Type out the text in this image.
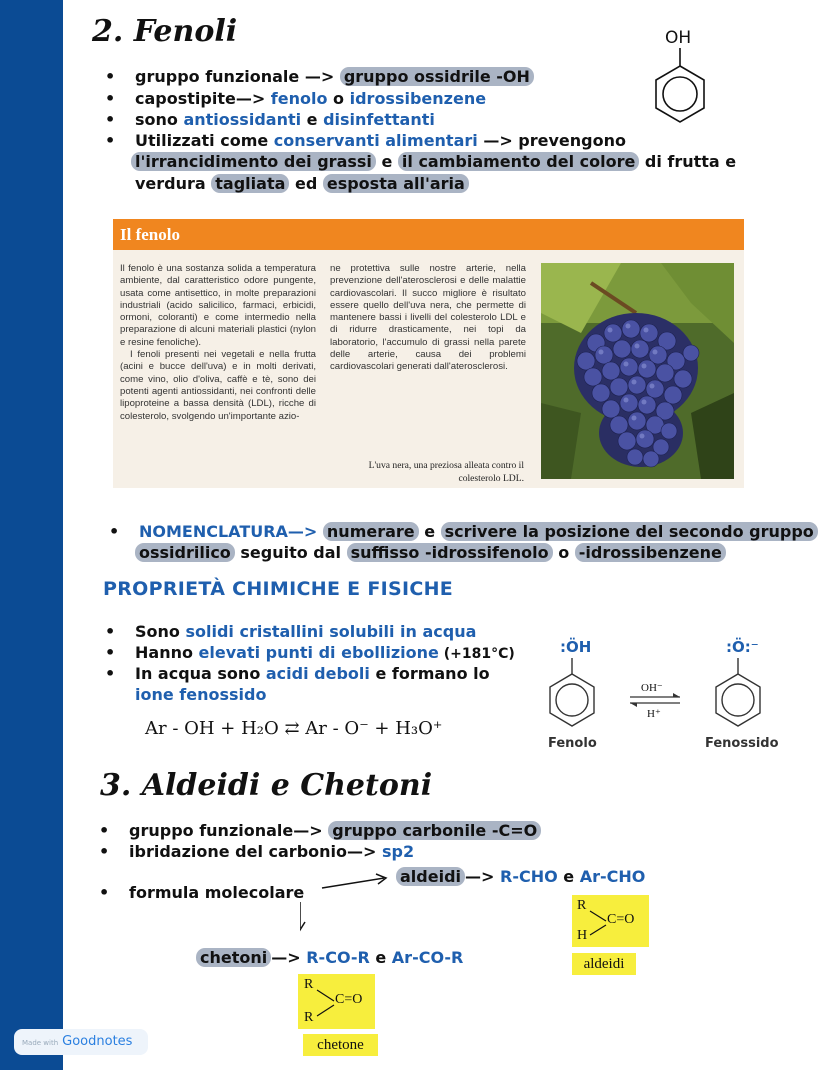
2. Fenoli	OH
• gruppo funzionale —> gruppo ossidrile -OH
• capostipite—> fenolo o idrossibenzene
• sono antiossidanti e disinfettanti
• Utilizzati come conservanti alimentari —> prevengono
l'irrancidimento dei grassi e il cambiamento del colore di frutta e
verdura tagliata ed esposta all'aria
Il fenolo
Il fenolo è una sostanza solida a temperatura ambiente, dal caratteristico odore pungente, usata come antisettico, in molte preparazioni industriali (acido salicilico, farmaci, erbicidi, ormoni, coloranti) e come intermedio nella preparazione di alcuni materiali plastici (nylon e resine fenoliche).
I fenoli presenti nei vegetali e nella frutta (acini e bucce dell'uva) e in molti derivati, come vino, olio d'oliva, caffè e tè, sono dei potenti agenti antiossidanti, nei confronti delle lipoproteine a bassa densità (LDL), ricche di colesterolo, svolgendo un'importante azio-
ne protettiva sulle nostre arterie, nella prevenzione dell'aterosclerosi e delle malattie cardiovascolari. Il succo migliore è risultato essere quello dell'uva nera, che permette di mantenere bassi i livelli del colesterolo LDL e di ridurre drasticamente, nei topi da laboratorio, l'accumulo di grassi nella parete delle arterie, causa dei problemi cardiovascolari generati dall'aterosclerosi.
L'uva nera, una preziosa alleata contro il colesterolo LDL.
• NOMENCLATURA—> numerare e scrivere la posizione del secondo gruppo
ossidrilico seguito dal suffisso -idrossifenolo o -idrossibenzene
PROPRIETÀ CHIMICHE E FISICHE
• Sono solidi cristallini solubili in acqua
• Hanno elevati punti di ebollizione (+181°C)
• In acqua sono acidi deboli e formano lo
ione fenossido
Ar - OH + H₂O ⇄ Ar - O⁻ + H₃O⁺
:ÖH	:Ö:⁻
OH⁻
H⁺
Fenolo	Fenossido
3. Aldeidi e Chetoni
• gruppo funzionale—> gruppo carbonile -C=O
• ibridazione del carbonio—> sp2
• formula molecolare
aldeidi —> R-CHO e Ar-CHO
chetoni —> R-CO-R e Ar-CO-R
R
H
C=O
aldeidi
R
R
C=O
chetone
Made with Goodnotes
